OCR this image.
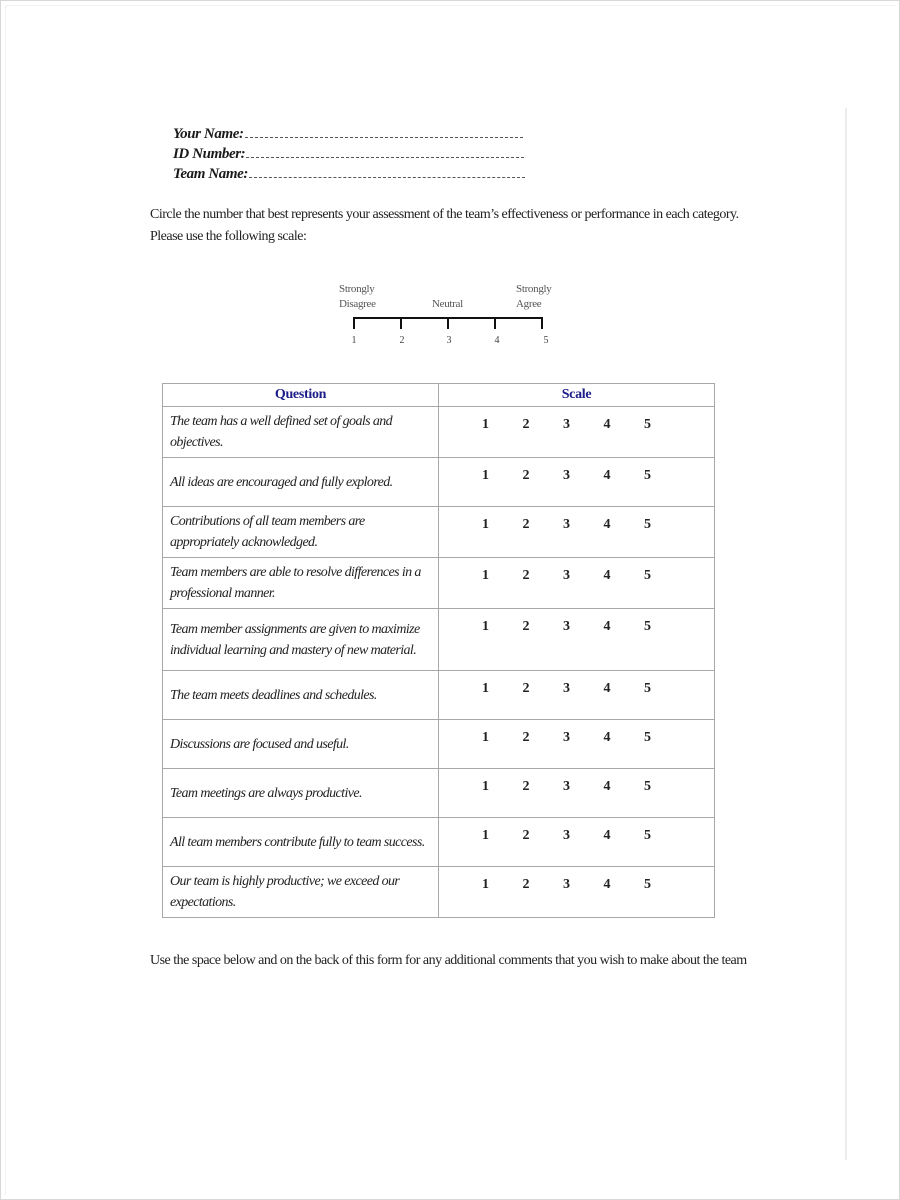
Your Name:
ID Number:
Team Name:
Circle the number that best represents your assessment of the team’s effectiveness or performance in each category. Please use the following scale:
Strongly
Disagree	Neutral
Strongly
Agree
1	2	3	4	5
Question	Scale
The team has a well defined set of goals and objectives.	1 2 3 4 5

All ideas are encouraged and fully explored.	1 2 3 4 5

Contributions of all team members are appropriately acknowledged.	1 2 3 4 5

Team members are able to resolve differences in a professional manner.	1 2 3 4 5

Team member assignments are given to maximize individual learning and mastery of new material.	1 2 3 4 5

The team meets deadlines and schedules.	1 2 3 4 5

Discussions are focused and useful.	1 2 3 4 5

Team meetings are always productive.	1 2 3 4 5

All team members contribute fully to team success.	1 2 3 4 5

Our team is highly productive; we exceed our expectations.	1 2 3 4 5
Use the space below and on the back of this form for any additional comments that you wish to make about the team
